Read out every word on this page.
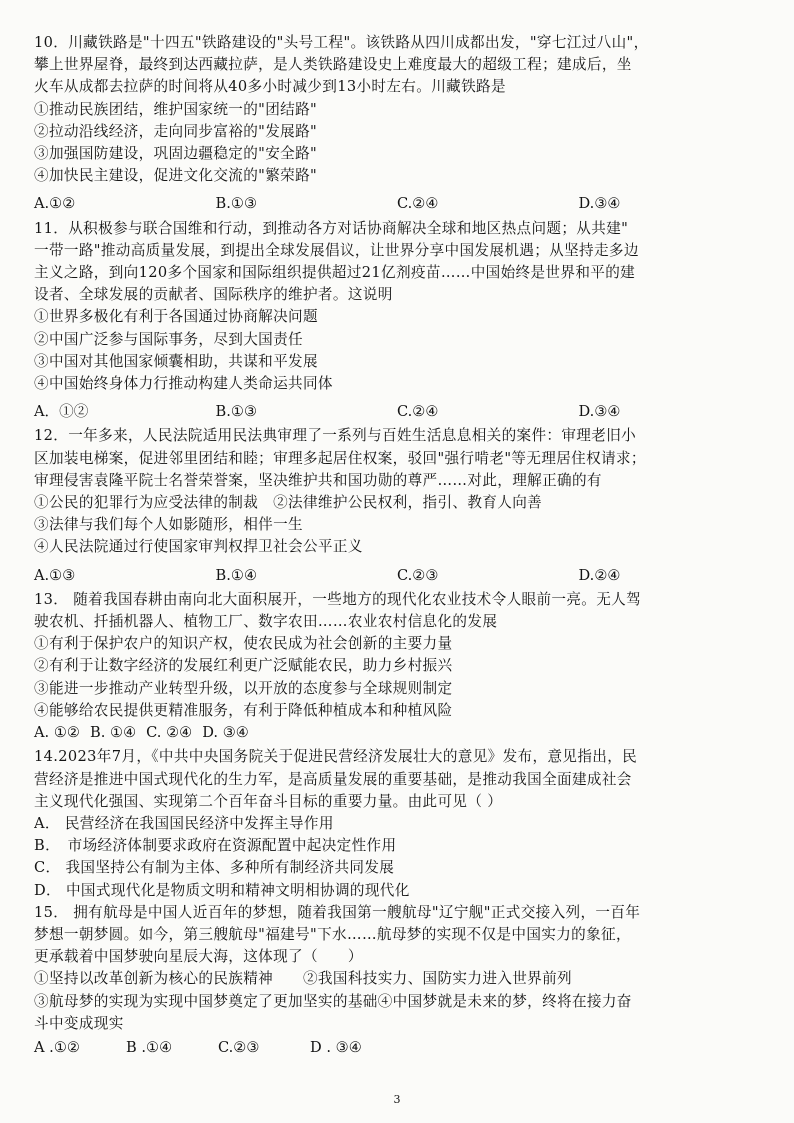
10．川藏铁路是"十四五"铁路建设的"头号工程"。该铁路从四川成都出发，"穿七江过八山"，
攀上世界屋脊，最终到达西藏拉萨，是人类铁路建设史上难度最大的超级工程；建成后，坐
火车从成都去拉萨的时间将从40多小时减少到13小时左右。川藏铁路是
①推动民族团结，维护国家统一的"团结路"
②拉动沿线经济，走向同步富裕的"发展路"
③加强国防建设，巩固边疆稳定的"安全路"
④加快民主建设，促进文化交流的"繁荣路"
A.①②	B.①③	C.②④	D.③④
11．从积极参与联合国维和行动，到推动各方对话协商解决全球和地区热点问题；从共建"
一带一路"推动高质量发展，到提出全球发展倡议，让世界分享中国发展机遇；从坚持走多边
主义之路，到向120多个国家和国际组织提供超过21亿剂疫苗……中国始终是世界和平的建
设者、全球发展的贡献者、国际秩序的维护者。这说明
①世界多极化有利于各国通过协商解决问题
②中国广泛参与国际事务，尽到大国责任
③中国对其他国家倾囊相助，共谋和平发展
④中国始终身体力行推动构建人类命运共同体
A．①②	B.①③	C.②④	D.③④
12．一年多来，人民法院适用民法典审理了一系列与百姓生活息息相关的案件：审理老旧小
区加装电梯案，促进邻里团结和睦；审理多起居住权案，驳回"强行啃老"等无理居住权请求；
审理侵害袁隆平院士名誉荣誉案，坚决维护共和国功勋的尊严……对此，理解正确的有
①公民的犯罪行为应受法律的制裁　②法律维护公民权利，指引、教育人向善
③法律与我们每个人如影随形，相伴一生
④人民法院通过行使国家审判权捍卫社会公平正义
A.①③	B.①④	C.②③	D.②④
13． 随着我国春耕由南向北大面积展开，一些地方的现代化农业技术令人眼前一亮。无人驾
驶农机、扦插机器人、植物工厂、数字农田……农业农村信息化的发展
①有利于保护农户的知识产权，使农民成为社会创新的主要力量
②有利于让数字经济的发展红利更广泛赋能农民，助力乡村振兴
③能进一步推动产业转型升级，以开放的态度参与全球规则制定
④能够给农民提供更精准服务，有利于降低种植成本和种植风险
A. ①② B. ①④ C. ②④ D. ③④
14.2023年7月，《中共中央国务院关于促进民营经济发展壮大的意见》发布，意见指出，民
营经济是推进中国式现代化的生力军，是高质量发展的重要基础，是推动我国全面建成社会
主义现代化强国、实现第二个百年奋斗目标的重要力量。由此可见（ ）
A． 民营经济在我国国民经济中发挥主导作用
B．　市场经济体制要求政府在资源配置中起决定性作用
C． 我国坚持公有制为主体、多种所有制经济共同发展
D． 中国式现代化是物质文明和精神文明相协调的现代化
15． 拥有航母是中国人近百年的梦想，随着我国第一艘航母"辽宁舰"正式交接入列，一百年
梦想一朝梦圆。如今，第三艘航母"福建号"下水……航母梦的实现不仅是中国实力的象征，
更承载着中国梦驶向星辰大海，这体现了（　　）
①坚持以改革创新为核心的民族精神　　②我国科技实力、国防实力进入世界前列
③航母梦的实现为实现中国梦奠定了更加坚实的基础④中国梦就是未来的梦，终将在接力奋
斗中变成现实
A .①②	B .①④	C.②③	D . ③④
3
